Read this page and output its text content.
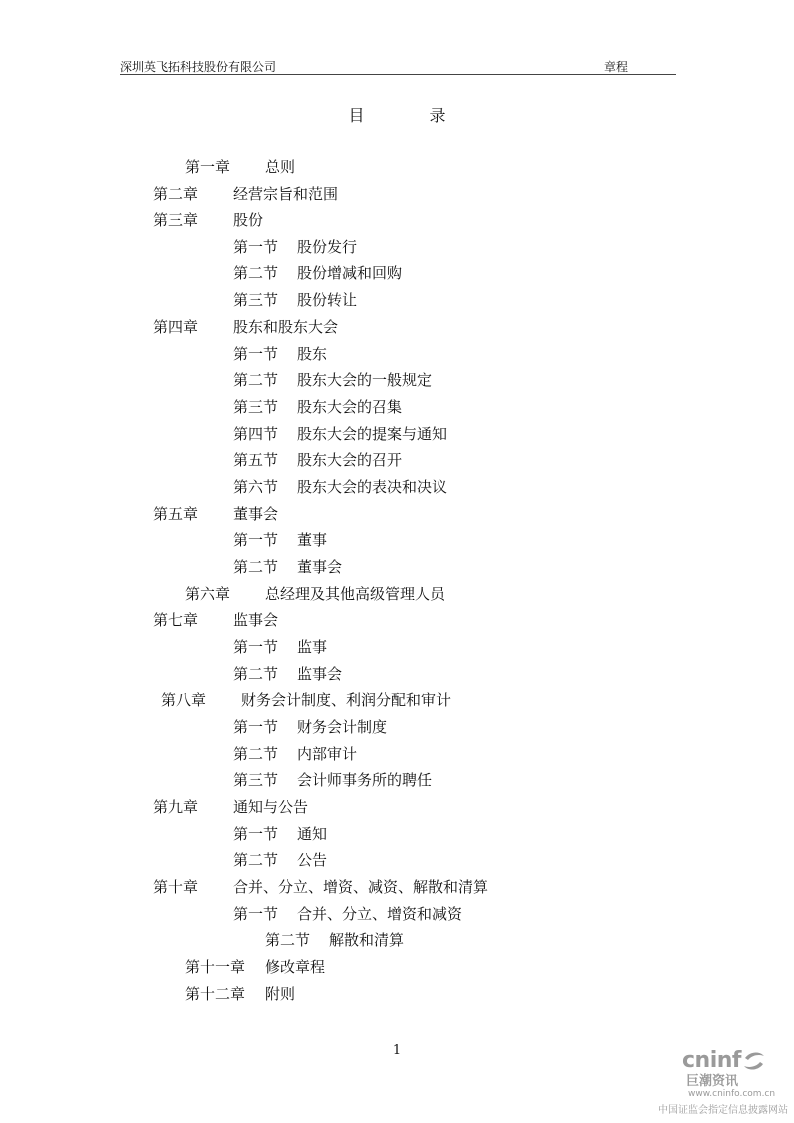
深圳英飞拓科技股份有限公司	章程
目 录
第一章 总则
第二章 经营宗旨和范围
第三章 股份
第一节 股份发行
第二节 股份增减和回购
第三节 股份转让
第四章 股东和股东大会
第一节 股东
第二节 股东大会的一般规定
第三节 股东大会的召集
第四节 股东大会的提案与通知
第五节 股东大会的召开
第六节 股东大会的表决和决议
第五章 董事会
第一节 董事
第二节 董事会
第六章 总经理及其他高级管理人员
第七章 监事会
第一节 监事
第二节 监事会
第八章 财务会计制度、利润分配和审计
第一节 财务会计制度
第二节 内部审计
第三节 会计师事务所的聘任
第九章 通知与公告
第一节 通知
第二节 公告
第十章 合并、分立、增资、减资、解散和清算
第一节 合并、分立、增资和减资
第二节 解散和清算
第十一章 修改章程
第十二章 附则
1	cninf
巨潮资讯
www.cninfo.com.cn
中国证监会指定信息披露网站
